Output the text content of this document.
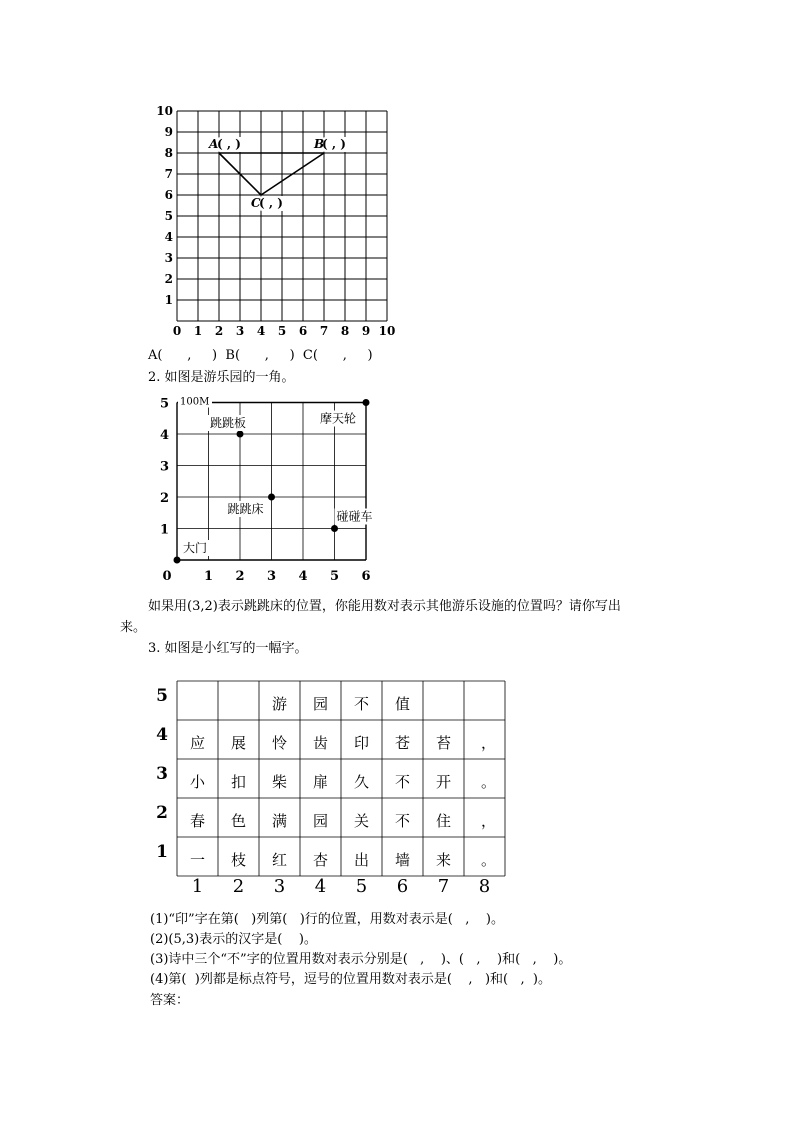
0 1 2 3 4 5 6 7 8 9 10
1
2
3
4
5
6
7
8
9
10
A
( , )	B
( , )
C
( , )
A(      ,     )  B(      ,     )  C(      ,     )
2. 如图是游乐园的一角。
100M
0 1 2 3 4 5 6
1
2
3
4
5
大门
跳跳板	摩天轮
跳跳床
碰碰车
如果用(3,2)表示跳跳床的位置，你能用数对表示其他游乐设施的位置吗？请你写出
来。
3. 如图是小红写的一幅字。
5
4
3
2
1
1 2 3 4 5 6 7 8
游 园 不 值
应 展 怜 齿 印 苍 苔 ，
小 扣 柴 扉 久 不 开 。
春 色 满 园 关 不 住 ，
一 枝 红 杏 出 墙 来 。
(1)“印”字在第(   )列第(   )行的位置，用数对表示是(   ,    )。
(2)(5,3)表示的汉字是(    )。
(3)诗中三个“不”字的位置用数对表示分别是(   ,    )、(   ,    )和(   ,    )。
(4)第(  )列都是标点符号，逗号的位置用数对表示是(    ,   )和(   ,  )。
答案：
